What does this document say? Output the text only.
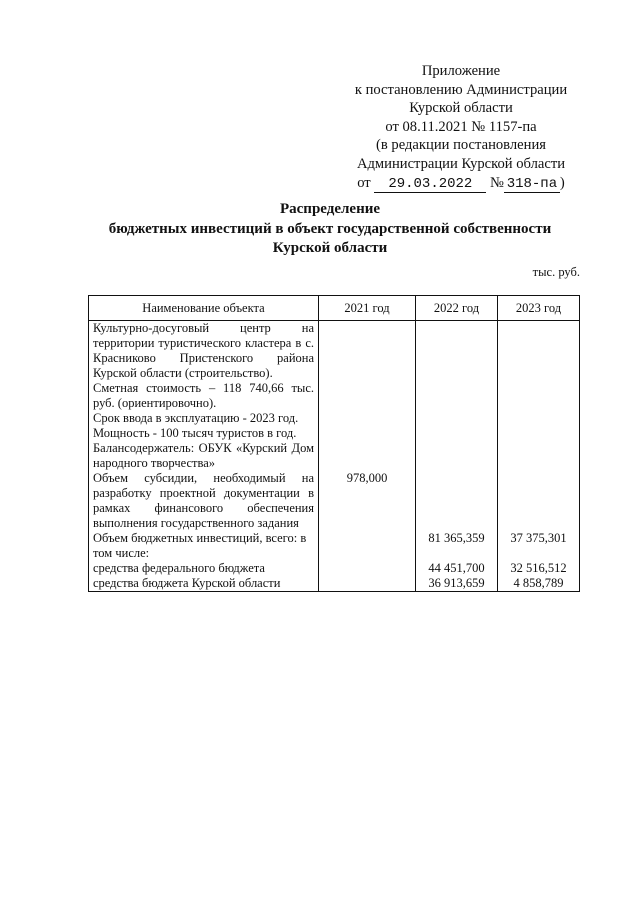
Приложение
к постановлению Администрации
Курской области
от 08.11.2021 № 1157-па
(в редакции постановления
Администрации Курской области
от 29.03.2022 № 318-па )
Распределение
бюджетных инвестиций в объект государственной собственности
Курской области
тыс. руб.
Наименование объекта	2021 год	2022 год	2023 год

Культурно-досуговый центр на территории туристического кластера в с. Красниково Пристенского района Курской области (строительство).

Сметная стоимость – 118 740,66 тыс. руб. (ориентировочно).

Срок ввода в эксплуатацию - 2023 год.

Мощность - 100 тысяч туристов в год.

Балансодержатель: ОБУК «Курский Дом народного творчества»			

Объем субсидии, необходимый на разработку проектной документации в рамках финансового обеспечения выполнения государственного задания	978,000		
Объем бюджетных инвестиций, всего: в том числе:		81 365,359	37 375,301
средства федерального бюджета		44 451,700	32 516,512
средства бюджета Курской области		36 913,659	4 858,789
